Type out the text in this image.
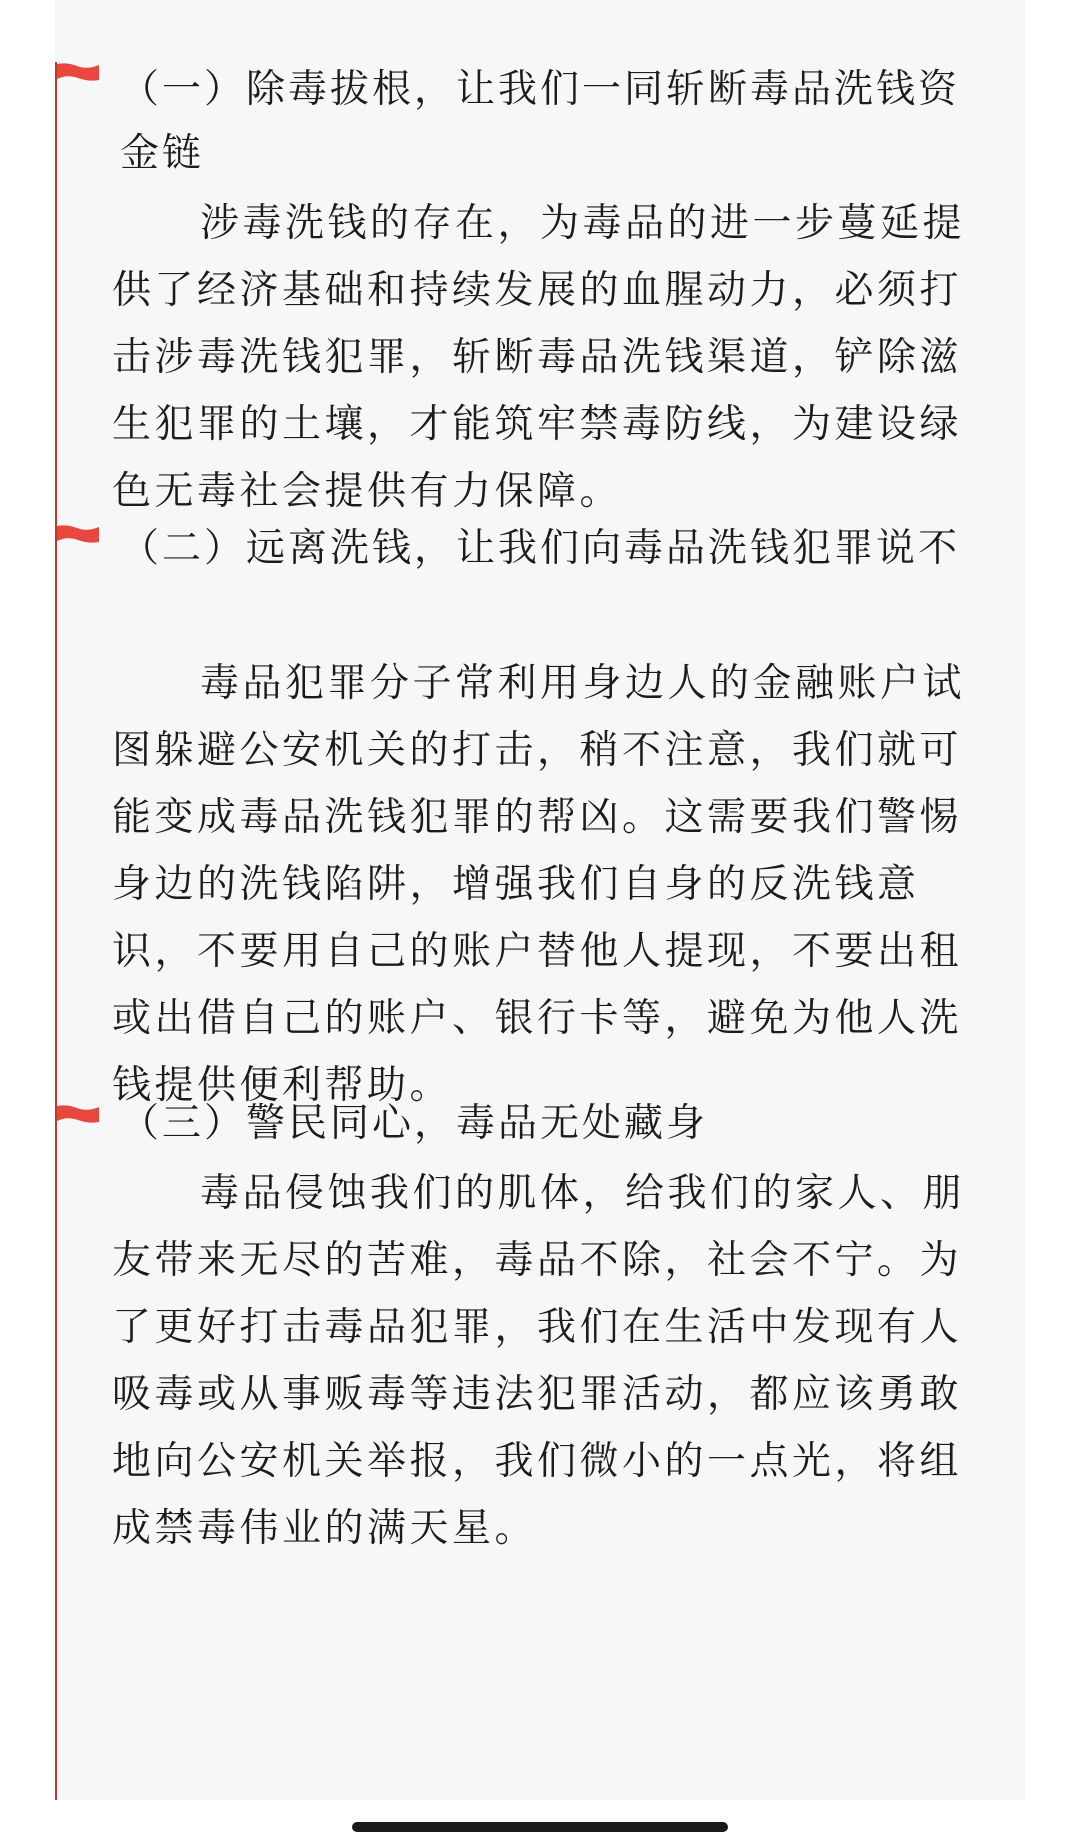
（一）除毒拔根，让我们一同斩断毒品洗钱资金链

涉毒洗钱的存在，为毒品的进一步蔓延提供了经济基础和持续发展的血腥动力，必须打击涉毒洗钱犯罪，斩断毒品洗钱渠道，铲除滋生犯罪的土壤，才能筑牢禁毒防线，为建设绿色无毒社会提供有力保障。

（二）远离洗钱，让我们向毒品洗钱犯罪说不

毒品犯罪分子常利用身边人的金融账户试图躲避公安机关的打击，稍不注意，我们就可能变成毒品洗钱犯罪的帮凶。这需要我们警惕身边的洗钱陷阱，增强我们自身的反洗钱意识，不要用自己的账户替他人提现，不要出租或出借自己的账户、银行卡等，避免为他人洗钱提供便利帮助。

（三）警民同心，毒品无处藏身

毒品侵蚀我们的肌体，给我们的家人、朋友带来无尽的苦难，毒品不除，社会不宁。为了更好打击毒品犯罪，我们在生活中发现有人吸毒或从事贩毒等违法犯罪活动，都应该勇敢地向公安机关举报，我们微小的一点光，将组成禁毒伟业的满天星。
